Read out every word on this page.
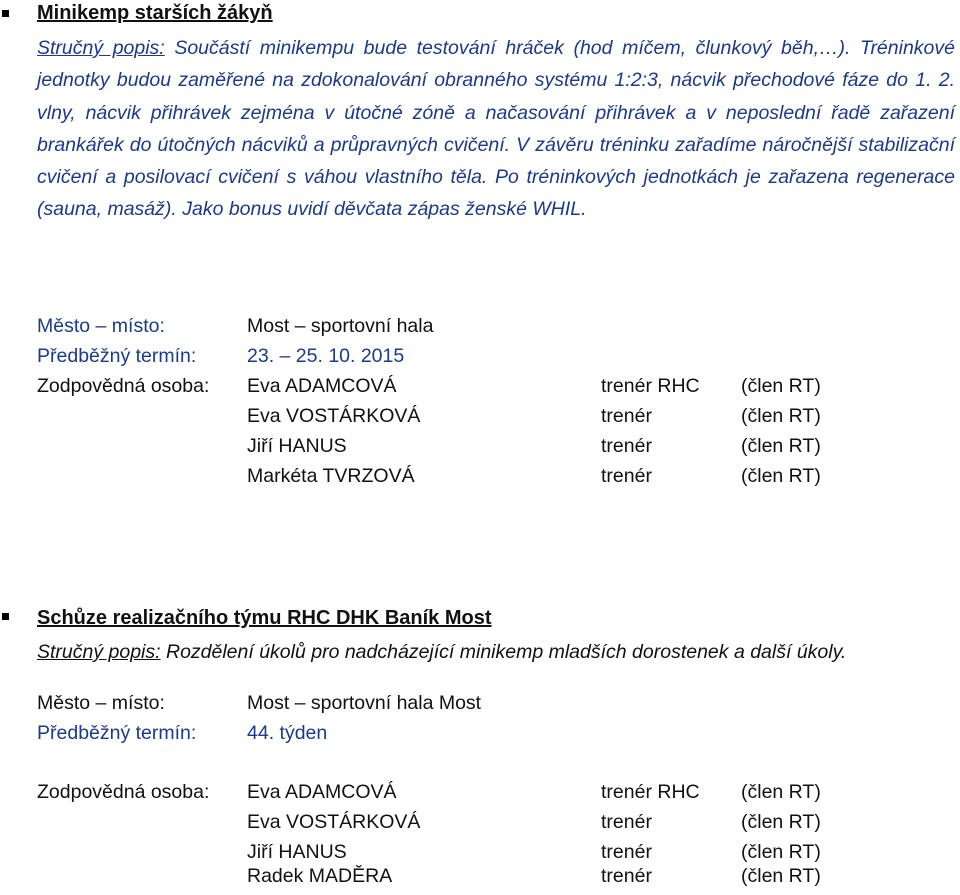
Minikemp starších žákyň
Stručný popis: Součástí minikempu bude testování hráček (hod míčem, člunkový běh,…). Tréninkové jednotky budou zaměřené na zdokonalování obranného systému 1:2:3, nácvik přechodové fáze do 1. 2. vlny, nácvik přihrávek zejména v útočné zóně a načasování přihrávek a v neposlední řadě zařazení brankářek do útočných nácviků a průpravných cvičení. V závěru tréninku zařadíme náročnější stabilizační cvičení a posilovací cvičení s váhou vlastního těla. Po tréninkových jednotkách je zařazena regenerace (sauna, masáž). Jako bonus uvidí děvčata zápas ženské WHIL.
Město – místo:	Most – sportovní hala
Předběžný termín:	23. – 25. 10. 2015
Zodpovědná osoba: Eva ADAMCOVÁ	trenér RHC (člen RT)
Eva VOSTÁRKOVÁ	trenér	(člen RT)
Jiří HANUS	trenér	(člen RT)
Markéta TVRZOVÁ	trenér	(člen RT)
Schůze realizačního týmu RHC DHK Baník Most
Stručný popis: Rozdělení úkolů pro nadcházející minikemp mladších dorostenek a další úkoly.
Město – místo:	Most – sportovní hala Most
Předběžný termín:	44. týden
Zodpovědná osoba: Eva ADAMCOVÁ	trenér RHC (člen RT)
Eva VOSTÁRKOVÁ	trenér	(člen RT)
Jiří HANUS	trenér	(člen RT)
Radek MADĚRA	trenér	(člen RT)
